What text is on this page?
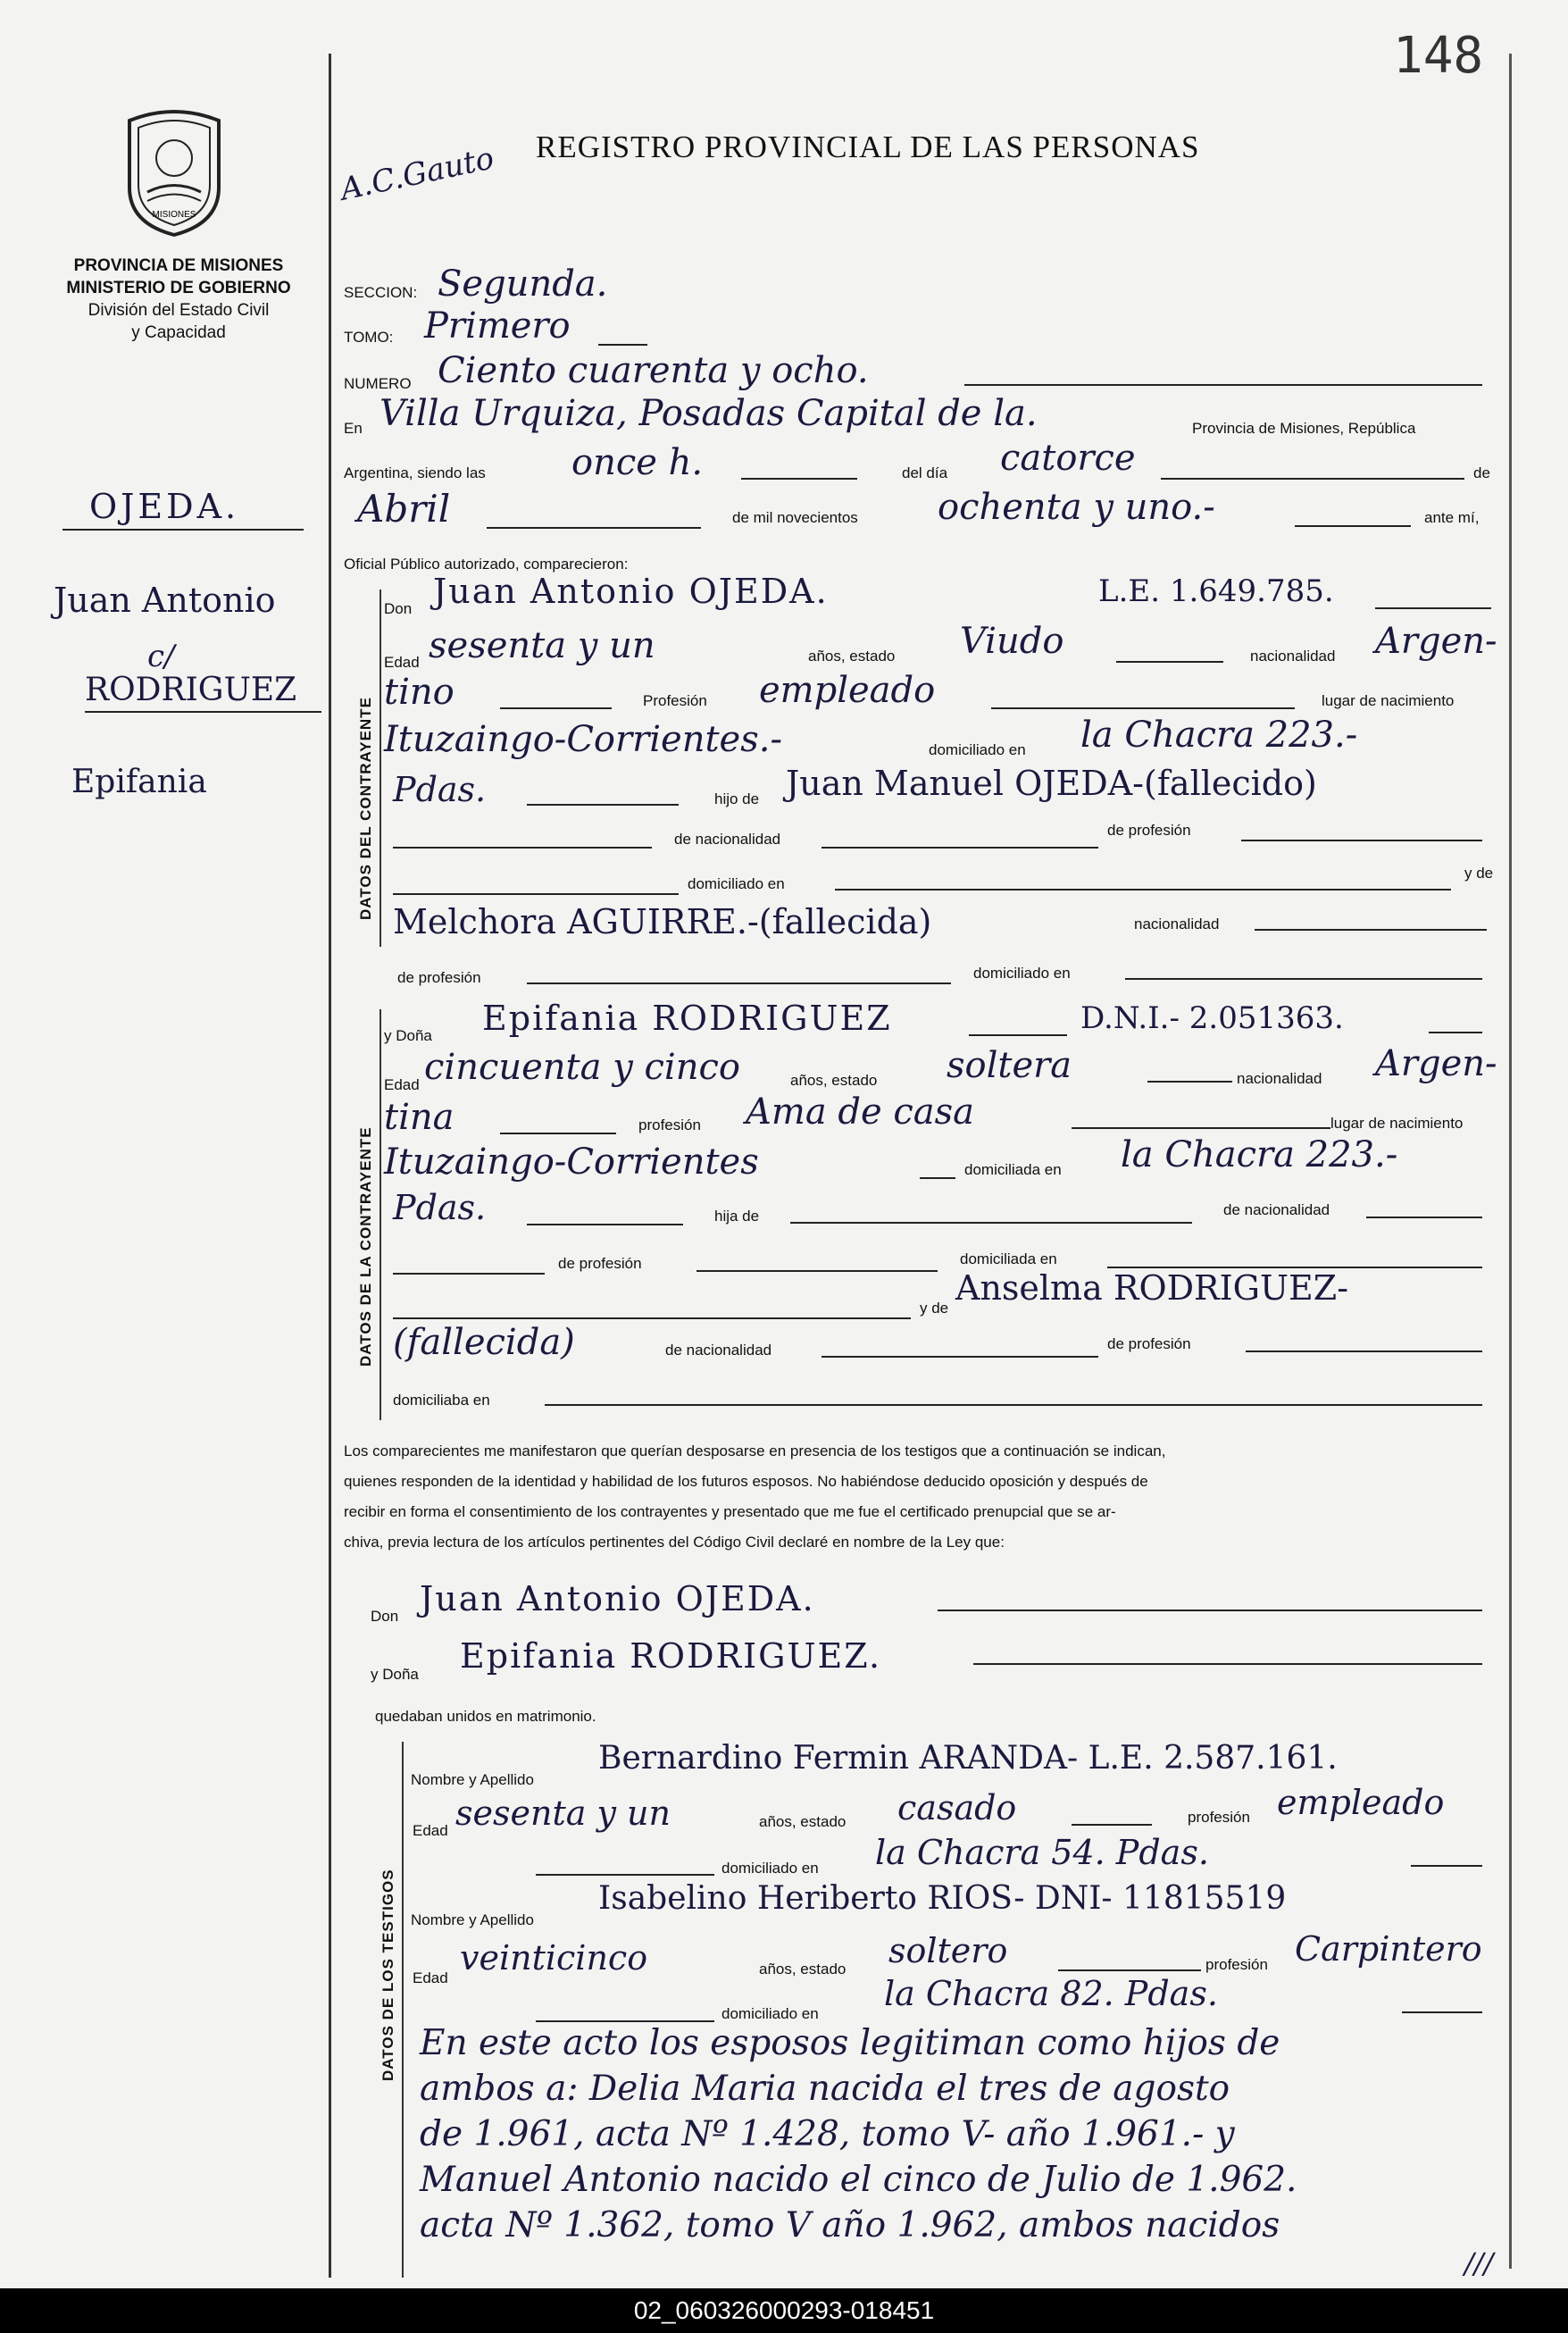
148
MISIONES
PROVINCIA DE MISIONES
MINISTERIO DE GOBIERNO
División del Estado Civil
y Capacidad
OJEDA.
Juan Antonio
c/
RODRIGUEZ
Epifania
A.C.Gauto REGISTRO PROVINCIAL DE LAS PERSONAS
SECCION: Segunda.
TOMO: Primero
NUMERO Ciento cuarenta y ocho.
En Villa Urquiza, Posadas Capital de la.	Provincia de Misiones, República
Argentina, siendo las once h.	del día catorce	de
Abril	de mil novecientos ochenta y uno.-	ante mí,
Oficial Público autorizado, comparecieron:
DATOS DEL CONTRAYENTE
Don Juan Antonio OJEDA.	L.E. 1.649.785.
Edad sesenta y un	años, estado Viudo	nacionalidad Argen-
tino	Profesión empleado	lugar de nacimiento
Ituzaingo-Corrientes.-	domiciliado en la Chacra 223.-
Pdas.	hijo de Juan Manuel OJEDA-(fallecido)
de nacionalidad
de profesión
domiciliado en
y de
Melchora AGUIRRE.-(fallecida)	nacionalidad
de profesión	domiciliado en
DATOS DE LA CONTRAYENTE
y Doña Epifania RODRIGUEZ	D.N.I.- 2.051363.
Edad cincuenta y cinco	años, estado soltera	nacionalidad Argen-
tina	profesión Ama de casa	lugar de nacimiento
Ituzaingo-Corrientes	domiciliada en la Chacra 223.-
Pdas.	hija de	de nacionalidad
de profesión	domiciliada en
y de
Anselma RODRIGUEZ-
(fallecida)	de nacionalidad	de profesión
domiciliaba en
Los comparecientes me manifestaron que querían desposarse en presencia de los testigos que a continuación se indican,
quienes responden de la identidad y habilidad de los futuros esposos. No habiéndose deducido oposición y después de
recibir en forma el consentimiento de los contrayentes y presentado que me fue el certificado prenupcial que se ar-
chiva, previa lectura de los artículos pertinentes del Código Civil declaré en nombre de la Ley que:
Don Juan Antonio OJEDA.
y Doña Epifania RODRIGUEZ.
quedaban unidos en matrimonio.
DATOS DE LOS TESTIGOS
Nombre y Apellido
Bernardino Fermin ARANDA- L.E. 2.587.161.
Edad sesenta y un	años, estado casado	profesión empleado
domiciliado en la Chacra 54. Pdas.
Nombre y Apellido
Isabelino Heriberto RIOS- DNI- 11815519
Edad
veinticinco	años, estado soltero	profesión Carpintero
domiciliado en
la Chacra 82. Pdas.
En este acto los esposos legitiman como hijos de
ambos a: Delia Maria nacida el tres de agosto
de 1.961, acta Nº 1.428, tomo V- año 1.961.- y
Manuel Antonio nacido el cinco de Julio de 1.962.
acta Nº 1.362, tomo V año 1.962, ambos nacidos
///
02_060326000293-018451
